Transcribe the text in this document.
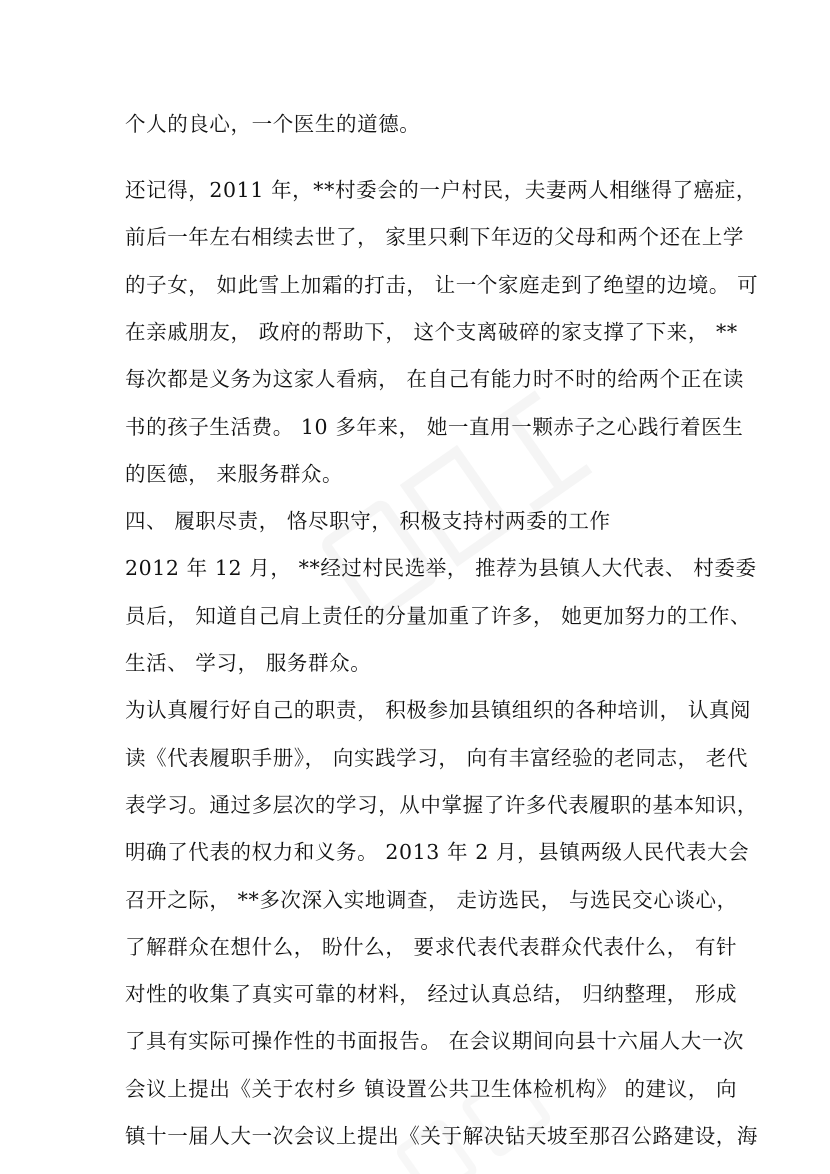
个人的良心，一个医生的道德。
还记得，2011 年，**村委会的一户村民，夫妻两人相继得了癌症，
前后一年左右相续去世了， 家里只剩下年迈的父母和两个还在上学
的子女， 如此雪上加霜的打击， 让一个家庭走到了绝望的边境。 可
在亲戚朋友， 政府的帮助下， 这个支离破碎的家支撑了下来， **
每次都是义务为这家人看病， 在自己有能力时不时的给两个正在读
书的孩子生活费。 10 多年来， 她一直用一颗赤子之心践行着医生
的医德， 来服务群众。
四、 履职尽责， 恪尽职守， 积极支持村两委的工作
2012 年 12 月， **经过村民选举， 推荐为县镇人大代表、 村委委
员后， 知道自己肩上责任的分量加重了许多， 她更加努力的工作、
生活、 学习， 服务群众。
为认真履行好自己的职责， 积极参加县镇组织的各种培训， 认真阅
读《代表履职手册》， 向实践学习， 向有丰富经验的老同志， 老代
表学习。通过多层次的学习，从中掌握了许多代表履职的基本知识，
明确了代表的权力和义务。 2013 年 2 月，县镇两级人民代表大会
召开之际， **多次深入实地调查， 走访选民， 与选民交心谈心，
了解群众在想什么， 盼什么， 要求代表代表群众代表什么， 有针
对性的收集了真实可靠的材料， 经过认真总结， 归纳整理， 形成
了具有实际可操作性的书面报告。 在会议期间向县十六届人大一次
会议上提出《关于农村乡 镇设置公共卫生体检机构》 的建议， 向
镇十一届人大一次会议上提出《关于解决钻天坡至那召公路建设，海
